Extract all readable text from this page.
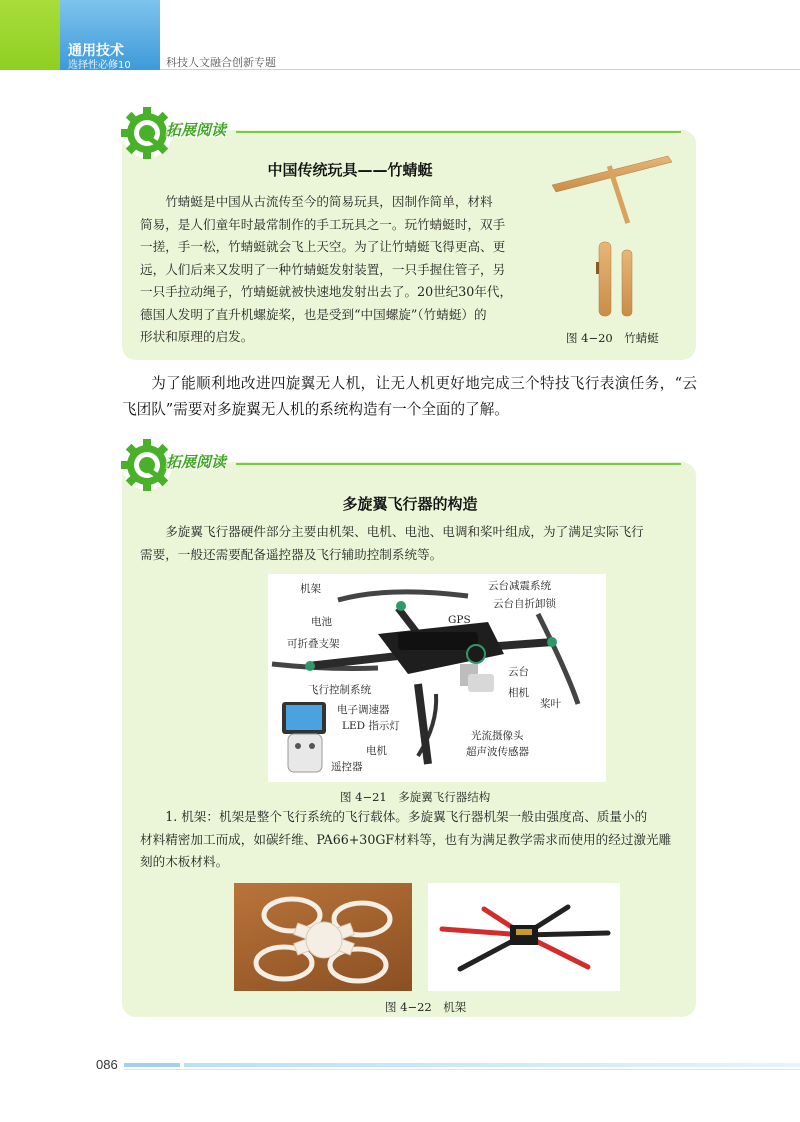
通用技术
选择性必修10	科技人文融合创新专题
拓展阅读
中国传统玩具——竹蜻蜓
竹蜻蜓是中国从古流传至今的简易玩具，因制作简单，材料
简易，是人们童年时最常制作的手工玩具之一。玩竹蜻蜓时，双手
一搓，手一松，竹蜻蜓就会飞上天空。为了让竹蜻蜓飞得更高、更
远，人们后来又发明了一种竹蜻蜓发射装置，一只手握住管子，另
一只手拉动绳子，竹蜻蜓就被快速地发射出去了。20世纪30年代，
德国人发明了直升机螺旋桨，也是受到“中国螺旋”（竹蜻蜓）的
形状和原理的启发。	图 4−20　竹蜻蜓
为了能顺利地改进四旋翼无人机，让无人机更好地完成三个特技飞行表演任务，“云飞团队”需要对多旋翼无人机的系统构造有一个全面的了解。
拓展阅读
多旋翼飞行器的构造
多旋翼飞行器硬件部分主要由机架、电机、电池、电调和桨叶组成，为了满足实际飞行
需要，一般还需要配备遥控器及飞行辅助控制系统等。
机架
电池
可折叠支架
GPS
云台减震系统
云台自折卸锁
云台
相机
桨叶
飞行控制系统
电子调速器
LED 指示灯
光流摄像头
超声波传感器
电机
遥控器
图 4−21　多旋翼飞行器结构
1. 机架：机架是整个飞行系统的飞行载体。多旋翼飞行器机架一般由强度高、质量小的
材料精密加工而成，如碳纤维、PA66+30GF材料等，也有为满足教学需求而使用的经过激光雕
刻的木板材料。
图 4−22　机架
086
